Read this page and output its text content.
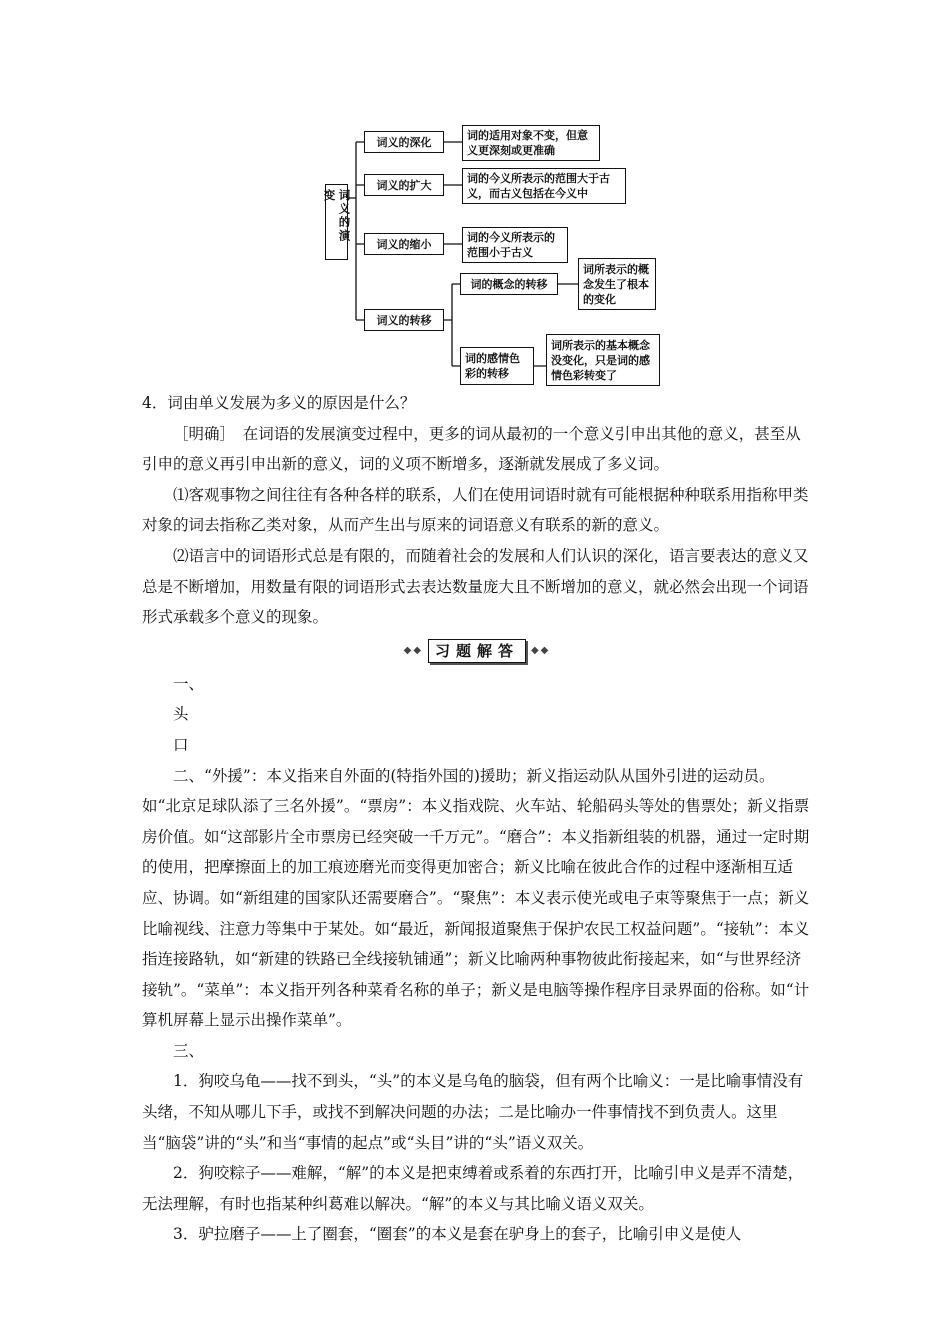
词义的演变
词义的深化	词的适用对象不变，但意义更深刻或更准确
词义的扩大	词的今义所表示的范围大于古义，而古义包括在今义中
词义的缩小	词的今义所表示的范围小于古义
词义的转移
词的概念的转移
词所表示的概念发生了根本的变化
词的感情色彩的转移
词所表示的基本概念没变化，只是词的感情色彩转变了

4．词由单义发展为多义的原因是什么？

［明确］　在词语的发展演变过程中，更多的词从最初的一个意义引申出其他的意义，甚至从引申的意义再引申出新的意义，词的义项不断增多，逐渐就发展成了多义词。

⑴客观事物之间往往有各种各样的联系，人们在使用词语时就有可能根据种种联系用指称甲类对象的词去指称乙类对象，从而产生出与原来的词语意义有联系的新的意义。

⑵语言中的词语形式总是有限的，而随着社会的发展和人们认识的深化，语言要表达的意义又总是不断增加，用数量有限的词语形式去表达数量庞大且不断增加的意义，就必然会出现一个词语形式承载多个意义的现象。

◆◆ 习题解答 ◆◆

一、

头

口

二、“外援”：本义指来自外面的(特指外国的)援助；新义指运动队从国外引进的运动员。如“北京足球队添了三名外援”。“票房”：本义指戏院、火车站、轮船码头等处的售票处；新义指票房价值。如“这部影片全市票房已经突破一千万元”。“磨合”：本义指新组装的机器，通过一定时期的使用，把摩擦面上的加工痕迹磨光而变得更加密合；新义比喻在彼此合作的过程中逐渐相互适应、协调。如“新组建的国家队还需要磨合”。“聚焦”：本义表示使光或电子束等聚焦于一点；新义比喻视线、注意力等集中于某处。如“最近，新闻报道聚焦于保护农民工权益问题”。“接轨”：本义指连接路轨，如“新建的铁路已全线接轨铺通”；新义比喻两种事物彼此衔接起来，如“与世界经济接轨”。“菜单”：本义指开列各种菜肴名称的单子；新义是电脑等操作程序目录界面的俗称。如“计算机屏幕上显示出操作菜单”。

三、

1．狗咬乌龟——找不到头，“头”的本义是乌龟的脑袋，但有两个比喻义：一是比喻事情没有头绪，不知从哪儿下手，或找不到解决问题的办法；二是比喻办一件事情找不到负责人。这里当“脑袋”讲的“头”和当“事情的起点”或“头目”讲的“头”语义双关。

2．狗咬粽子——难解，“解”的本义是把束缚着或系着的东西打开，比喻引申义是弄不清楚，无法理解，有时也指某种纠葛难以解决。“解”的本义与其比喻义语义双关。

3．驴拉磨子——上了圈套，“圈套”的本义是套在驴身上的套子，比喻引申义是使人
